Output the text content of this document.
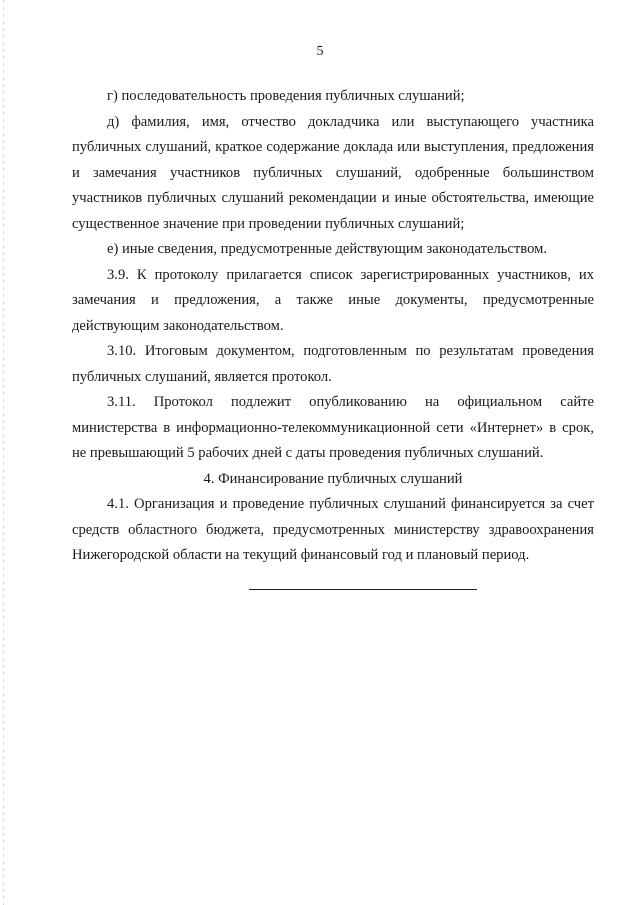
5

г) последовательность проведения публичных слушаний;

д) фамилия, имя, отчество докладчика или выступающего участника публичных слушаний, краткое содержание доклада или выступления, предложения и замечания участников публичных слушаний, одобренные большинством участников публичных слушаний рекомендации и иные обстоятельства, имеющие существенное значение при проведении публичных слушаний;

е) иные сведения, предусмотренные действующим законодательством.

3.9. К протоколу прилагается список зарегистрированных участников, их замечания и предложения, а также иные документы, предусмотренные действующим законодательством.

3.10. Итоговым документом, подготовленным по результатам проведения публичных слушаний, является протокол.

3.11. Протокол подлежит опубликованию на официальном сайте министерства в информационно-телекоммуникационной сети «Интернет» в срок, не превышающий 5 рабочих дней с даты проведения публичных слушаний.

4. Финансирование публичных слушаний

4.1. Организация и проведение публичных слушаний финансируется за счет средств областного бюджета, предусмотренных министерству здравоохранения Нижегородской области на текущий финансовый год и плановый период.
